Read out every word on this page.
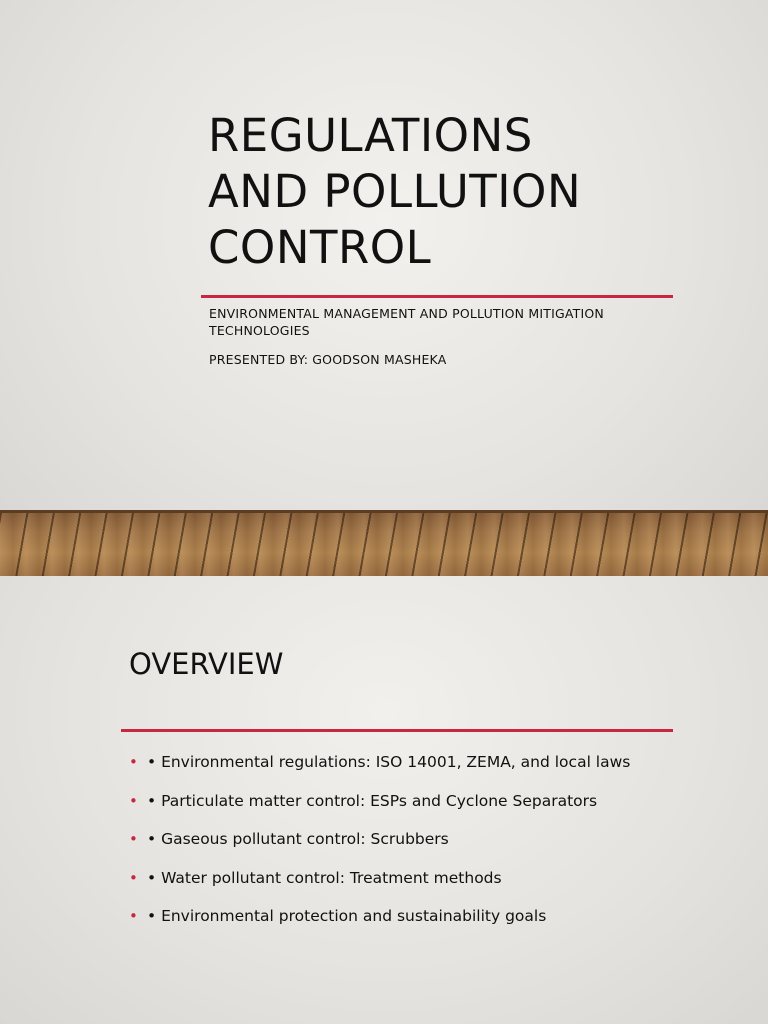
REGULATIONS
AND POLLUTION
CONTROL
ENVIRONMENTAL MANAGEMENT AND POLLUTION MITIGATION TECHNOLOGIES
PRESENTED BY: GOODSON MASHEKA
OVERVIEW
• • Environmental regulations: ISO 14001, ZEMA, and local laws
• • Particulate matter control: ESPs and Cyclone Separators
• • Gaseous pollutant control: Scrubbers
• • Water pollutant control: Treatment methods
• • Environmental protection and sustainability goals
